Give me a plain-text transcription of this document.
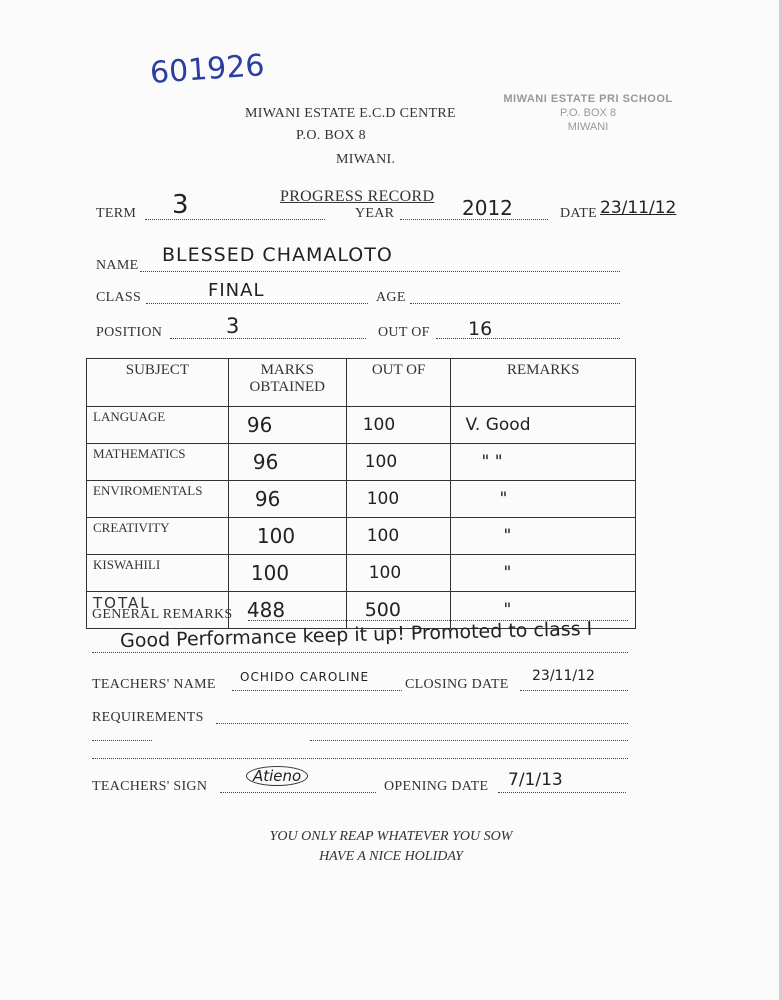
601926
MIWANI ESTATE E.C.D CENTRE
P.O. BOX 8
MIWANI.
MIWANI ESTATE PRI SCHOOL
P.O. BOX 8
MIWANI
PROGRESS RECORD
TERM 3	YEAR	2012	DATE 23/11/12
NAME BLESSED CHAMALOTO
CLASS	FINAL	AGE
POSITION	3	OUT OF 16
SUBJECT	MARKS OBTAINED	OUT OF	REMARKS
LANGUAGE	96	100	V. Good
MATHEMATICS	96	100	" "
ENVIROMENTALS	96	100	"
CREATIVITY	100	100	"
KISWAHILI	100	100	"
TOTAL	488	500	"
GENERAL REMARKS
Good Performance keep it up! Promoted to class I
TEACHERS' NAME OCHIDO CAROLINE	CLOSING DATE
23/11/12
REQUIREMENTS
TEACHERS' SIGN
Atieno
OPENING DATE 7/1/13
YOU ONLY REAP WHATEVER YOU SOW
HAVE A NICE HOLIDAY
